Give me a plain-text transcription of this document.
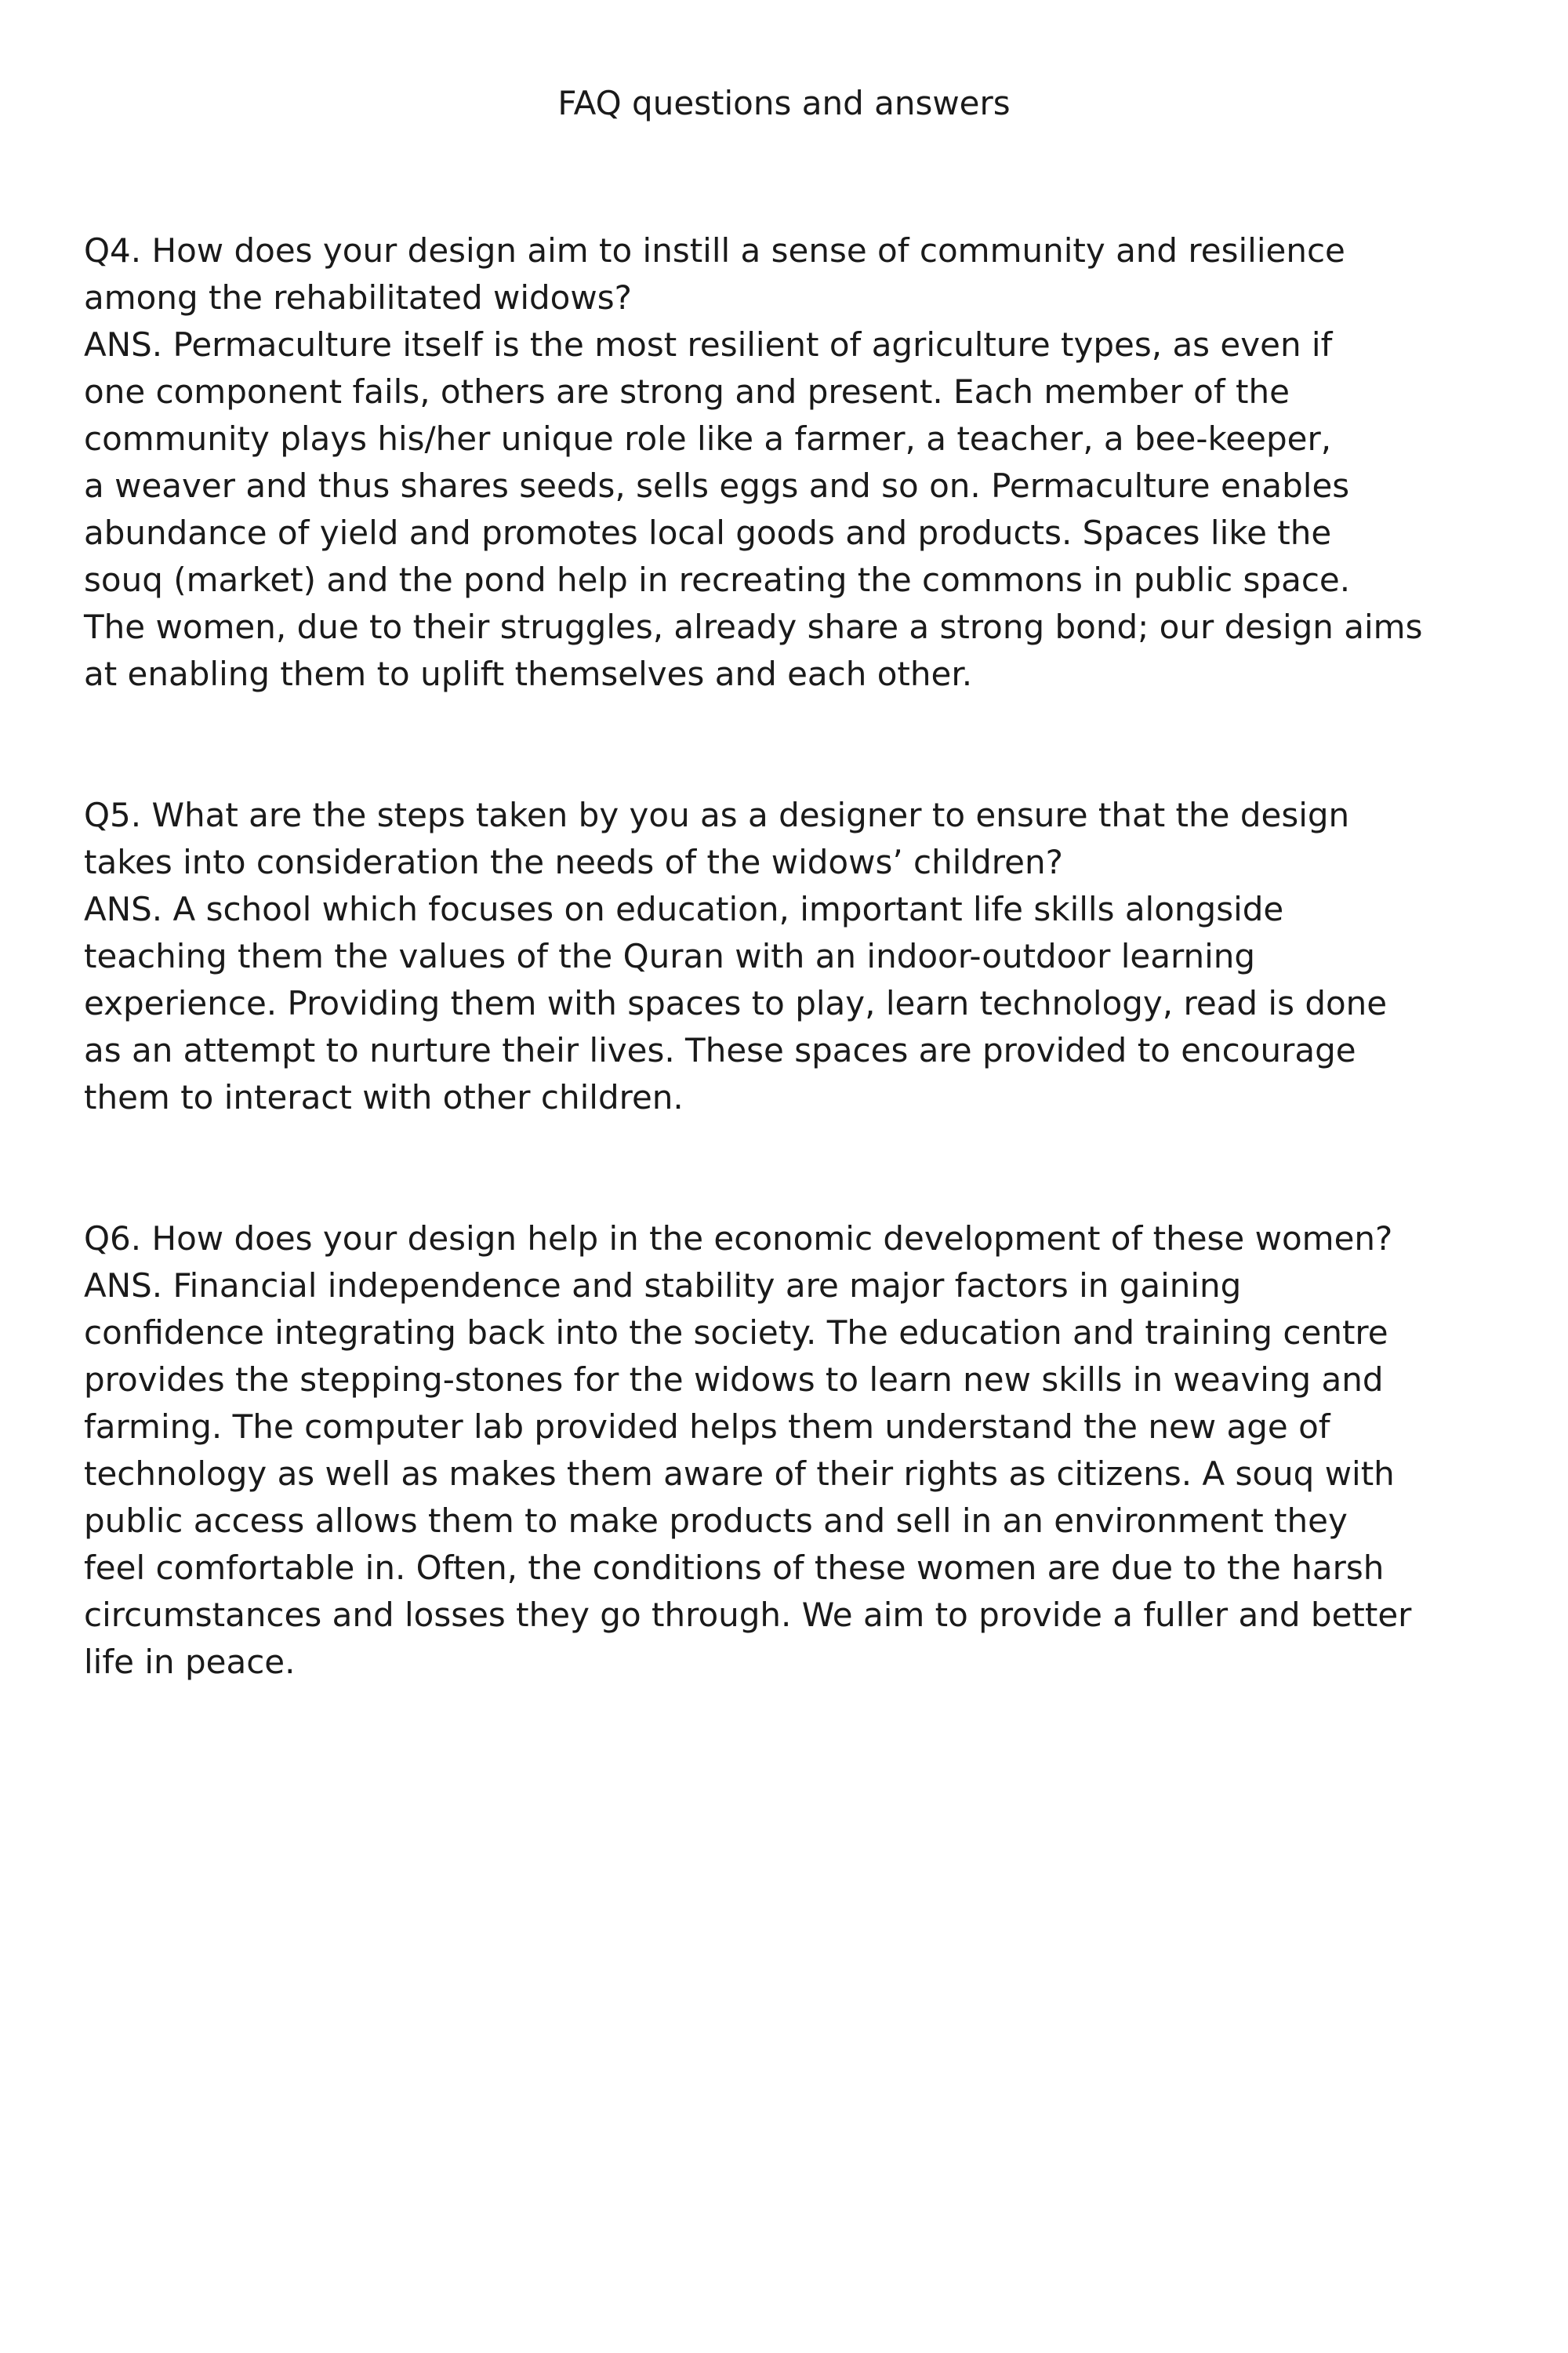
FAQ questions and answers
Q4. How does your design aim to instill a sense of community and resilience
among the rehabilitated widows?
ANS. Permaculture itself is the most resilient of agriculture types, as even if
one component fails, others are strong and present. Each member of the
community plays his/her unique role like a farmer, a teacher, a bee-keeper,
a weaver and thus shares seeds, sells eggs and so on. Permaculture enables
abundance of yield and promotes local goods and products. Spaces like the
souq (market) and the pond help in recreating the commons in public space.
The women, due to their struggles, already share a strong bond; our design aims
at enabling them to uplift themselves and each other.
Q5. What are the steps taken by you as a designer to ensure that the design
takes into consideration the needs of the widows’ children?
ANS. A school which focuses on education, important life skills alongside
teaching them the values of the Quran with an indoor-outdoor learning
experience. Providing them with spaces to play, learn technology, read is done
as an attempt to nurture their lives. These spaces are provided to encourage
them to interact with other children.
Q6. How does your design help in the economic development of these women?
ANS. Financial independence and stability are major factors in gaining
confidence integrating back into the society. The education and training centre
provides the stepping-stones for the widows to learn new skills in weaving and
farming. The computer lab provided helps them understand the new age of
technology as well as makes them aware of their rights as citizens. A souq with
public access allows them to make products and sell in an environment they
feel comfortable in. Often, the conditions of these women are due to the harsh
circumstances and losses they go through. We aim to provide a fuller and better
life in peace.
